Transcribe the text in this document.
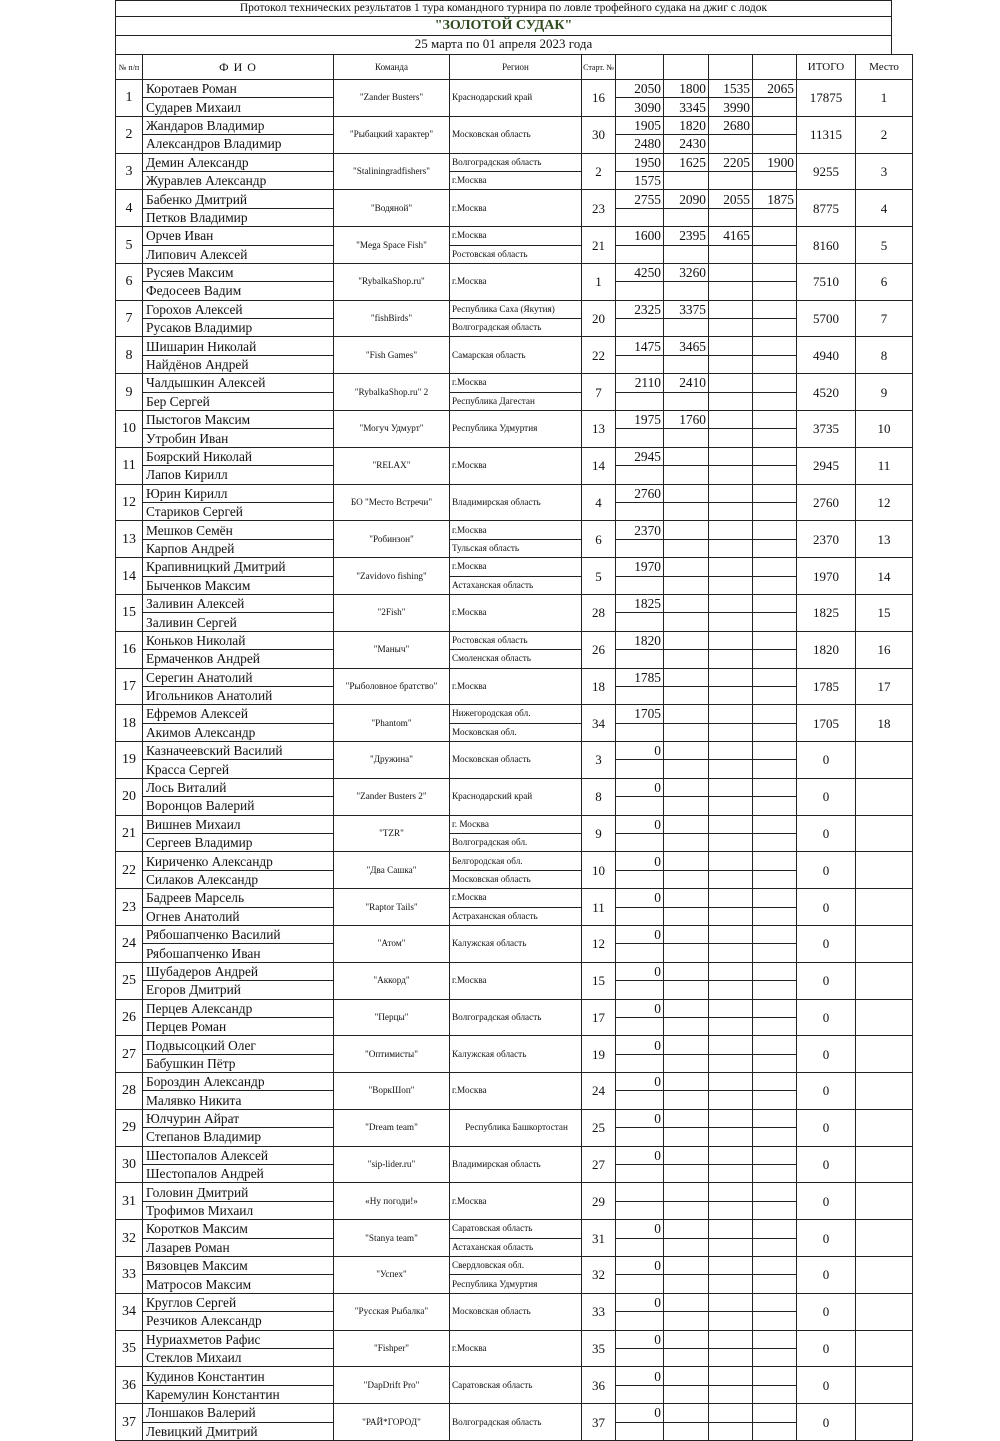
Протокол технических результатов 1 тура командного турнира по ловле трофейного судака на джиг с лодок
"ЗОЛОТОЙ СУДАК"
25 марта по 01 апреля 2023 года
№ п/п	Ф И О	Команда	Регион	Старт. №					ИТОГО	Место
1	Коротаев Роман	"Zander Busters"	Краснодарский край	16	2050	1800	1535	2065	17875	1
	Сударев Михаил				3090	3345	3990			
2	Жандаров Владимир	"Рыбацкий характер"	Московская область	30	1905	1820	2680		11315	2
	Александров Владимир				2480	2430				
3	Демин Александр	"Staliningradfishers"	Волгоградская область	2	1950	1625	2205	1900	9255	3
	Журавлев Александр		г.Москва		1575					
4	Бабенко Дмитрий	"Водяной"	г.Москва	23	2755	2090	2055	1875	8775	4
	Петков Владимир									
5	Орчев Иван	"Mega Space Fish"	г.Москва	21	1600	2395	4165		8160	5
	Липович Алексей		Ростовская область							
6	Русяев Максим	"RybalkaShop.ru"	г.Москва	1	4250	3260			7510	6
	Федосеев Вадим									
7	Горохов Алексей	"fishBirds"	Республика Саха (Якутия)	20	2325	3375			5700	7
	Русаков Владимир		Волгоградская область							
8	Шишарин Николай	"Fish Games"	Самарская область	22	1475	3465			4940	8
	Найдёнов Андрей									
9	Чалдышкин Алексей	"RybalkaShop.ru" 2	г.Москва	7	2110	2410			4520	9
	Бер Сергей		Республика Дагестан							
10	Пыстогов Максим	"Могуч Удмурт"	Республика Удмуртия	13	1975	1760			3735	10
	Утробин Иван									
11	Боярский Николай	"RELAX"	г.Москва	14	2945				2945	11
	Лапов Кирилл									
12	Юрин Кирилл	БО "Место Встречи"	Владимирская область	4	2760				2760	12
	Стариков Сергей									
13	Мешков Семён	"Робинзон"	г.Москва	6	2370				2370	13
	Карпов Андрей		Тульская область							
14	Крапивницкий Дмитрий	"Zavidovo fishing"	г.Москва	5	1970				1970	14
	Быченков Максим		Астаханская область							
15	Заливин Алексей	"2Fish"	г.Москва	28	1825				1825	15
	Заливин Сергей									
16	Коньков Николай	"Маныч"	Ростовская область	26	1820				1820	16
	Ермаченков Андрей		Смоленская область							
17	Серегин Анатолий	"Рыболовное братство"	г.Москва	18	1785				1785	17
	Игольников Анатолий									
18	Ефремов Алексей	"Phantom"	Нижегородская обл.	34	1705				1705	18
	Акимов Александр		Московская обл.							
19	Казначеевский Василий	"Дружина"	Московская область	3	0				0	
	Красса Сергей									
20	Лось Виталий	"Zander Busters 2"	Краснодарский край	8	0				0	
	Воронцов Валерий									
21	Вишнев Михаил	"TZR"	г. Москва	9	0				0	
	Сергеев Владимир		Волгоградская обл.							
22	Кириченко Александр	"Два Сашка"	Белгородская обл.	10	0				0	
	Силаков Александр		Московская область							
23	Бадреев Марсель	"Raptor Tails"	г.Москва	11	0				0	
	Огнев Анатолий		Астраханская область							
24	Рябошапченко Василий	"Атом"	Калужская область	12	0				0	
	Рябошапченко Иван									
25	Шубадеров Андрей	"Аккорд"	г.Москва	15	0				0	
	Егоров Дмитрий									
26	Перцев Александр	"Перцы"	Волгоградская область	17	0				0	
	Перцев Роман									
27	Подвысоцкий Олег	"Оптимисты"	Калужская область	19	0				0	
	Бабушкин Пётр									
28	Бороздин Александр	"ВоркШоп"	г.Москва	24	0				0	
	Малявко Никита									
29	Юлчурин Айрат	"Dream team"	Республика Башкортостан	25	0				0	
	Степанов Владимир									
30	Шестопалов Алексей	"sip-lider.ru"	Владимирская область	27	0				0	
	Шестопалов Андрей									
31	Головин Дмитрий	«Ну погоди!»	г.Москва	29					0	
	Трофимов Михаил									
32	Коротков Максим	"Stanya team"	Саратовская область	31	0				0	
	Лазарев Роман		Астаханская область							
33	Вязовцев Максим	"Успех"	Свердловская обл.	32	0				0	
	Матросов Максим		Республика Удмуртия							
34	Круглов Сергей	"Русская Рыбалка"	Московская область	33	0				0	
	Резчиков Александр									
35	Нуриахметов Рафис	"Fishper"	г.Москва	35	0				0	
	Стеклов Михаил									
36	Кудинов Константин	"DapDrift Pro"	Саратовская область	36	0				0	
	Каремулин Константин									
37	Лоншаков Валерий	"РАЙ*ГОРОД"	Волгоградская область	37	0				0	
	Левицкий Дмитрий									
